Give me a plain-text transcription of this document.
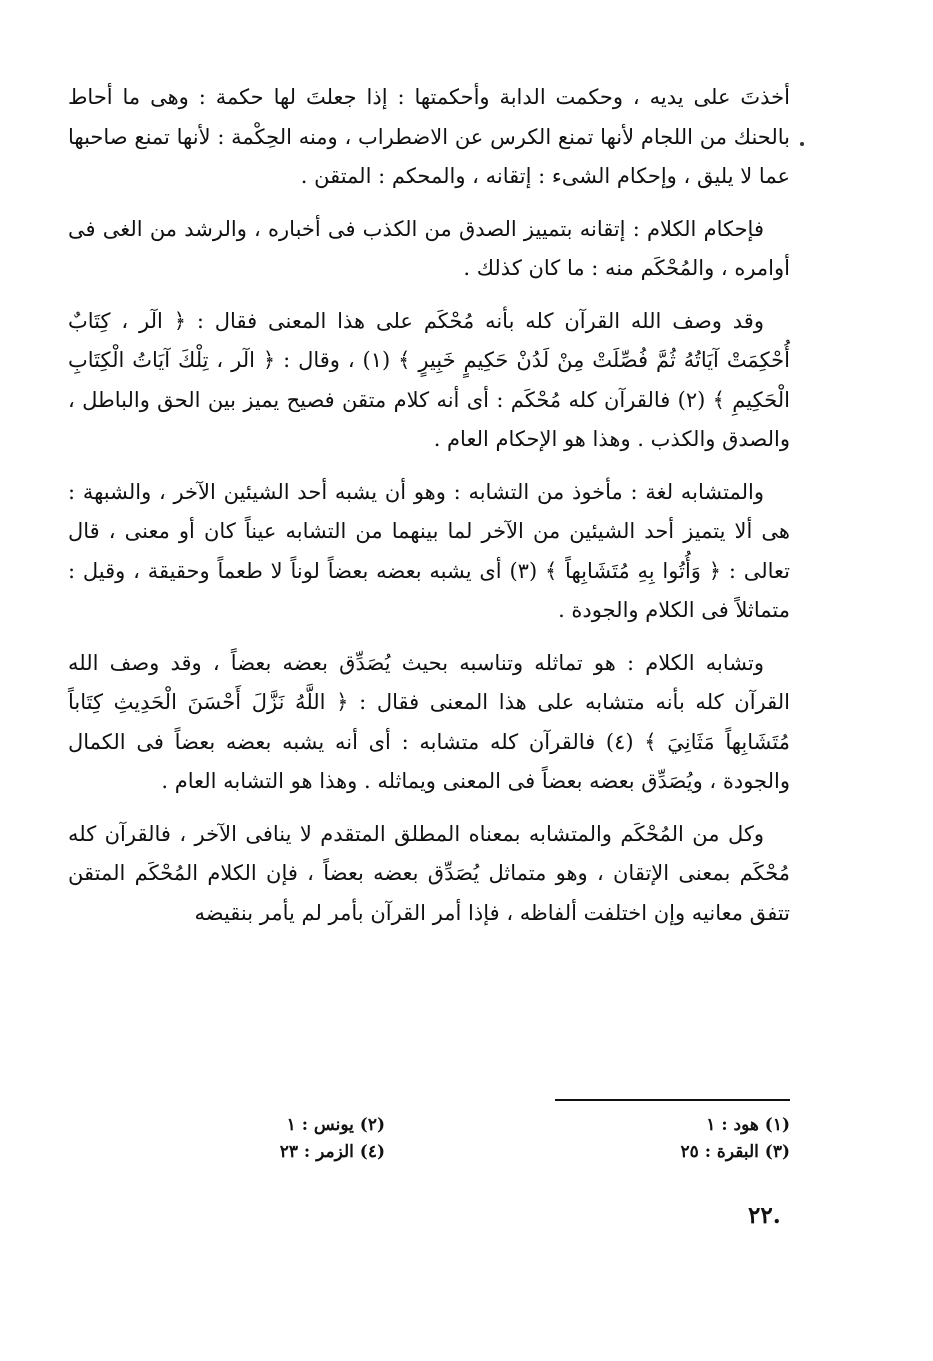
أخذتَ على يديه ، وحكمت الدابة وأحكمتها : إذا جعلتَ لها حكمة : وهى ما أحاط بالحنك من اللجام لأنها تمنع الكرس عن الاضطراب ، ومنه الحِكْمة : لأنها تمنع صاحبها عما لا يليق ، وإحكام الشىء : إتقانه ، والمحكم : المتقن .

فإحكام الكلام : إتقانه بتمييز الصدق من الكذب فى أخباره ، والرشد من الغى فى أوامره ، والمُحْكَم منه : ما كان كذلك .

وقد وصف الله القرآن كله بأنه مُحْكَم على هذا المعنى فقال : ﴿ الٓر ، كِتَابٌ أُحْكِمَتْ آيَاتُهُ ثُمَّ فُصِّلَتْ مِنْ لَدُنْ حَكِيمٍ خَبِيرٍ ﴾ (١) ، وقال : ﴿ الٓر ، تِلْكَ آيَاتُ الْكِتَابِ الْحَكِيمِ ﴾ (٢) فالقرآن كله مُحْكَم : أى أنه كلام متقن فصيح يميز بين الحق والباطل ، والصدق والكذب . وهذا هو الإحكام العام .

والمتشابه لغة : مأخوذ من التشابه : وهو أن يشبه أحد الشيئين الآخر ، والشبهة : هى ألا يتميز أحد الشيئين من الآخر لما بينهما من التشابه عيناً كان أو معنى ، قال تعالى : ﴿ وَأُتُوا بِهِ مُتَشَابِهاً ﴾ (٣) أى يشبه بعضه بعضاً لوناً لا طعماً وحقيقة ، وقيل : متماثلاً فى الكلام والجودة .

وتشابه الكلام : هو تماثله وتناسبه بحيث يُصَدِّق بعضه بعضاً ، وقد وصف الله القرآن كله بأنه متشابه على هذا المعنى فقال : ﴿ اللَّهُ نَزَّلَ أَحْسَنَ الْحَدِيثِ كِتَاباً مُتَشَابِهاً مَثَانِيَ ﴾ (٤) فالقرآن كله متشابه : أى أنه يشبه بعضه بعضاً فى الكمال والجودة ، ويُصَدِّق بعضه بعضاً فى المعنى ويماثله . وهذا هو التشابه العام .

وكل من المُحْكَم والمتشابه بمعناه المطلق المتقدم لا ينافى الآخر ، فالقرآن كله مُحْكَم بمعنى الإتقان ، وهو متماثل يُصَدِّق بعضه بعضاً ، فإن الكلام المُحْكَم المتقن تتفق معانيه وإن اختلفت ألفاظه ، فإذا أمر القرآن بأمر لم يأمر بنقيضه

(١) هود : ١
(٣) البقرة : ٢٥
(٢) يونس : ١
(٤) الزمر : ٢٣
٢٢.
